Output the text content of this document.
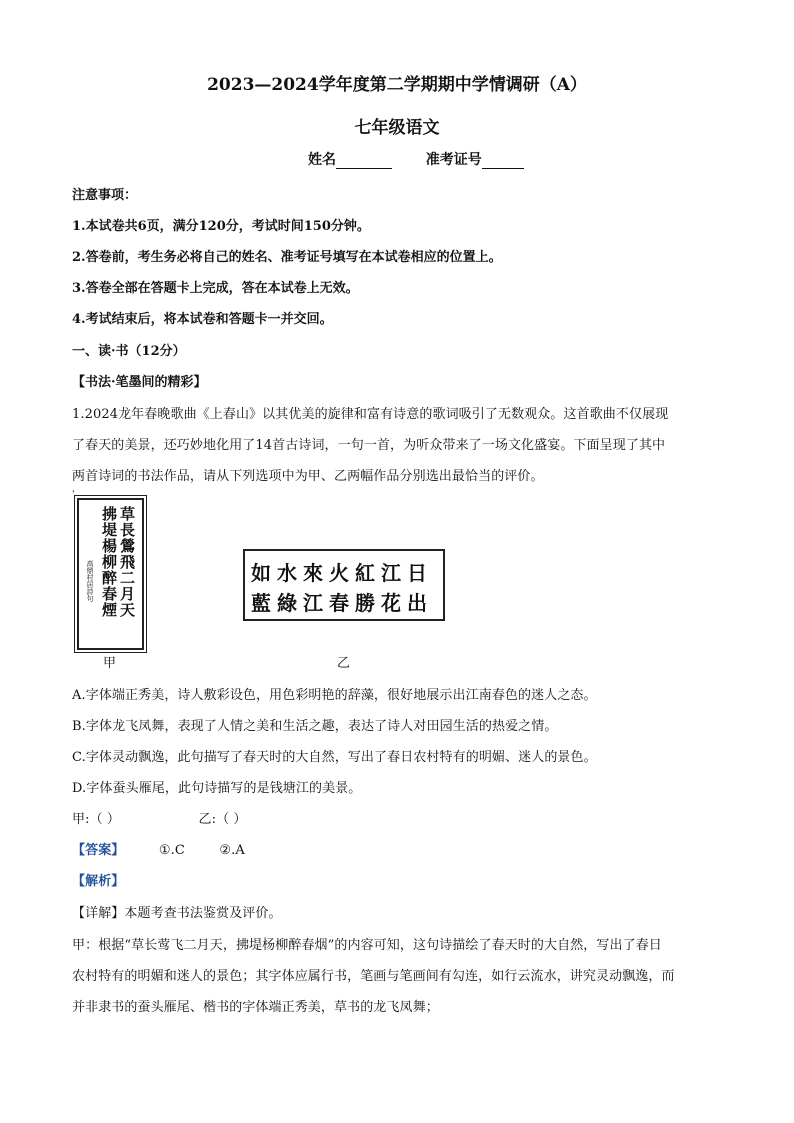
2023—2024学年度第二学期期中学情调研（A）
七年级语文
姓名	准考证号
注意事项：
1.本试卷共6页，满分120分，考试时间150分钟。
2.答卷前，考生务必将自己的姓名、准考证号填写在本试卷相应的位置上。
3.答卷全部在答题卡上完成，答在本试卷上无效。
4.考试结束后，将本试卷和答题卡一并交回。
一、读·书（12分）
【书法·笔墨间的精彩】
1.2024龙年春晚歌曲《上春山》以其优美的旋律和富有诗意的歌词吸引了无数观众。这首歌曲不仅展现
了春天的美景，还巧妙地化用了14首古诗词，一句一首，为听众带来了一场文化盛宴。下面呈现了其中
两首诗词的书法作品，请从下列选项中为甲、乙两幅作品分别选出最恰当的评价。
'
草長鶯飛二月天
拂堤楊柳醉春煙
高鼎村居詩句
甲
日江紅火來水如
出花勝春江綠藍
乙
A.字体端正秀美，诗人敷彩设色，用色彩明艳的辞藻，很好地展示出江南春色的迷人之态。
B.字体龙飞凤舞，表现了人情之美和生活之趣，表达了诗人对田园生活的热爱之情。
C.字体灵动飘逸，此句描写了春天时的大自然，写出了春日农村特有的明媚、迷人的景色。
D.字体蚕头雁尾，此句诗描写的是钱塘江的美景。
甲:（ ）	乙:（ ）
【答案】	①.C	②.A
【解析】
【详解】本题考查书法鉴赏及评价。
甲：根据“草长莺飞二月天，拂堤杨柳醉春烟”的内容可知，这句诗描绘了春天时的大自然，写出了春日
农村特有的明媚和迷人的景色；其字体应属行书，笔画与笔画间有勾连，如行云流水，讲究灵动飘逸，而
并非隶书的蚕头雁尾、楷书的字体端正秀美，草书的龙飞凤舞；
